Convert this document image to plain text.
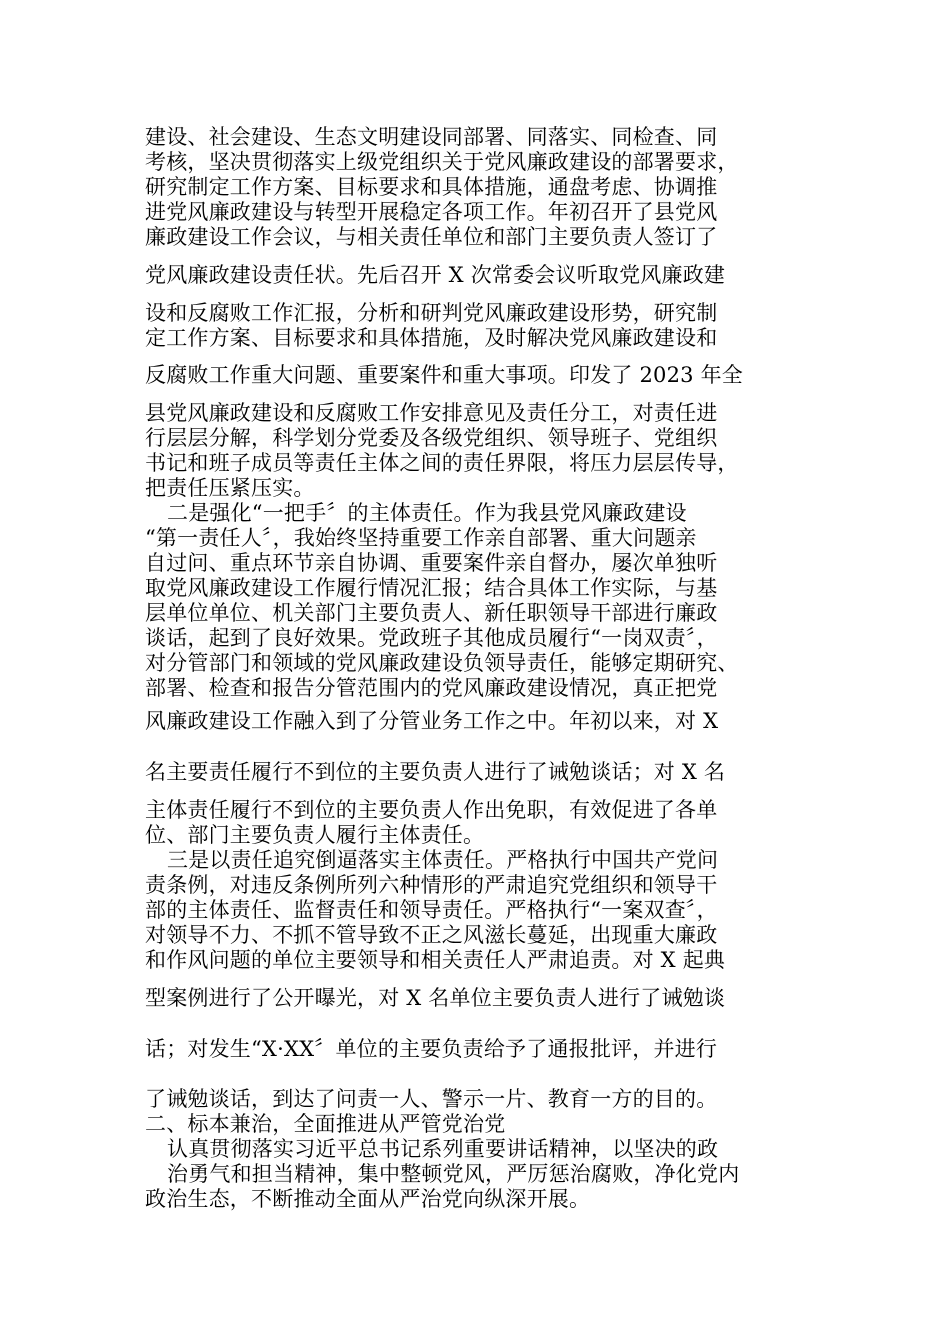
建设、社会建设、生态文明建设同部署、同落实、同检查、同
考核，坚决贯彻落实上级党组织关于党风廉政建设的部署要求，
研究制定工作方案、目标要求和具体措施，通盘考虑、协调推
进党风廉政建设与转型开展稳定各项工作。年初召开了县党风
廉政建设工作会议，与相关责任单位和部门主要负责人签订了
党风廉政建设责任状。先后召开 X 次常委会议听取党风廉政建
设和反腐败工作汇报，分析和研判党风廉政建设形势，研究制
定工作方案、目标要求和具体措施，及时解决党风廉政建设和
反腐败工作重大问题、重要案件和重大事项。印发了 2023 年全
县党风廉政建设和反腐败工作安排意见及责任分工，对责任进
行层层分解，科学划分党委及各级党组织、领导班子、党组织
书记和班子成员等责任主体之间的责任界限，将压力层层传导，
把责任压紧压实。
二是强化“一把手〞的主体责任。作为我县党风廉政建设
“第一责任人〞，我始终坚持重要工作亲自部署、重大问题亲
自过问、重点环节亲自协调、重要案件亲自督办，屡次单独听
取党风廉政建设工作履行情况汇报；结合具体工作实际，与基
层单位单位、机关部门主要负责人、新任职领导干部进行廉政
谈话，起到了良好效果。党政班子其他成员履行“一岗双责〞，
对分管部门和领域的党风廉政建设负领导责任，能够定期研究、
部署、检查和报告分管范围内的党风廉政建设情况，真正把党
风廉政建设工作融入到了分管业务工作之中。年初以来，对 X
名主要责任履行不到位的主要负责人进行了诫勉谈话；对 X 名
主体责任履行不到位的主要负责人作出免职，有效促进了各单
位、部门主要负责人履行主体责任。
三是以责任追究倒逼落实主体责任。严格执行中国共产党问
责条例，对违反条例所列六种情形的严肃追究党组织和领导干
部的主体责任、监督责任和领导责任。严格执行“一案双查〞，
对领导不力、不抓不管导致不正之风滋长蔓延，出现重大廉政
和作风问题的单位主要领导和相关责任人严肃追责。对 X 起典
型案例进行了公开曝光，对 X 名单位主要负责人进行了诫勉谈
话；对发生“X·XX〞单位的主要负责给予了通报批评，并进行
了诫勉谈话，到达了问责一人、警示一片、教育一方的目的。
二、标本兼治，全面推进从严管党治党
认真贯彻落实习近平总书记系列重要讲话精神，以坚决的政
治勇气和担当精神，集中整顿党风，严厉惩治腐败，净化党内
政治生态，不断推动全面从严治党向纵深开展。
